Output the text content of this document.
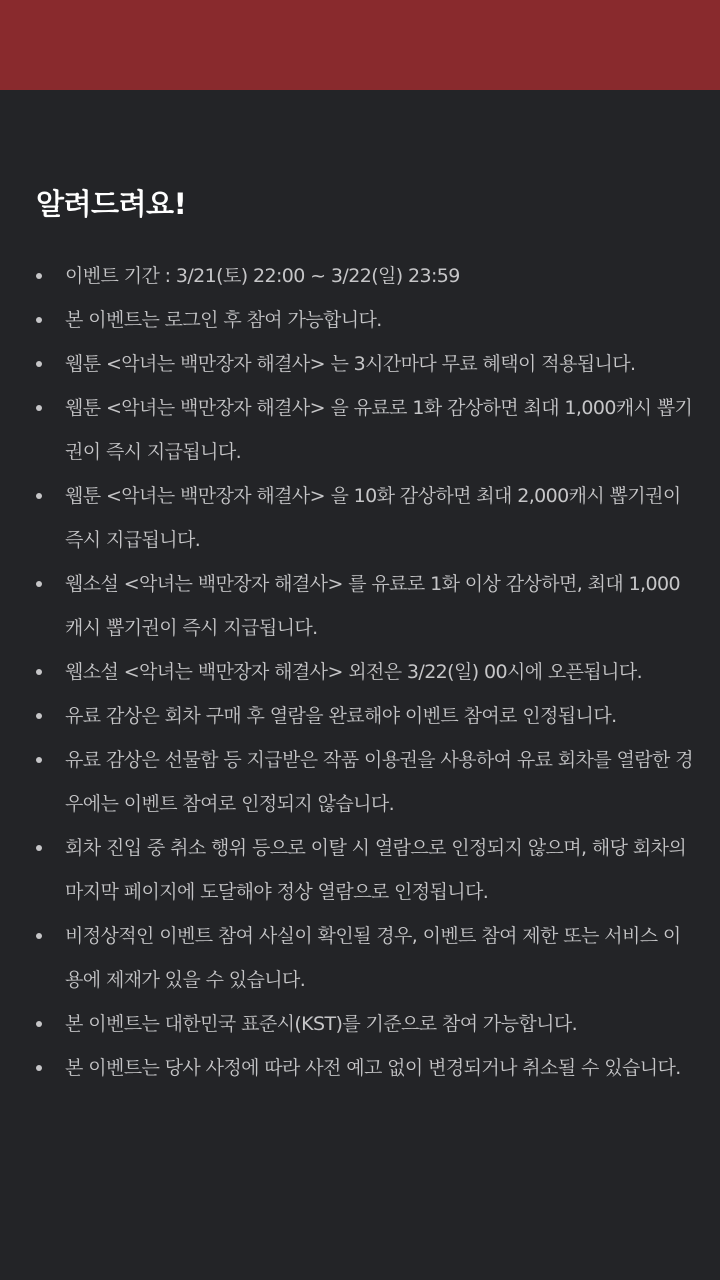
알려드려요!
이벤트 기간 : 3/21(토) 22:00 ~ 3/22(일) 23:59
본 이벤트는 로그인 후 참여 가능합니다.
웹툰 <악녀는 백만장자 해결사> 는 3시간마다 무료 혜택이 적용됩니다.
웹툰 <악녀는 백만장자 해결사> 을 유료로 1화 감상하면 최대 1,000캐시 뽑기권이 즉시 지급됩니다.
웹툰 <악녀는 백만장자 해결사> 을 10화 감상하면 최대 2,000캐시 뽑기권이 즉시 지급됩니다.
웹소설 <악녀는 백만장자 해결사> 를 유료로 1화 이상 감상하면, 최대 1,000캐시 뽑기권이 즉시 지급됩니다.
웹소설 <악녀는 백만장자 해결사> 외전은 3/22(일) 00시에 오픈됩니다.
유료 감상은 회차 구매 후 열람을 완료해야 이벤트 참여로 인정됩니다.
유료 감상은 선물함 등 지급받은 작품 이용권을 사용하여 유료 회차를 열람한 경우에는 이벤트 참여로 인정되지 않습니다.
회차 진입 중 취소 행위 등으로 이탈 시 열람으로 인정되지 않으며, 해당 회차의 마지막 페이지에 도달해야 정상 열람으로 인정됩니다.
비정상적인 이벤트 참여 사실이 확인될 경우, 이벤트 참여 제한 또는 서비스 이용에 제재가 있을 수 있습니다.
본 이벤트는 대한민국 표준시(KST)를 기준으로 참여 가능합니다.
본 이벤트는 당사 사정에 따라 사전 예고 없이 변경되거나 취소될 수 있습니다.
